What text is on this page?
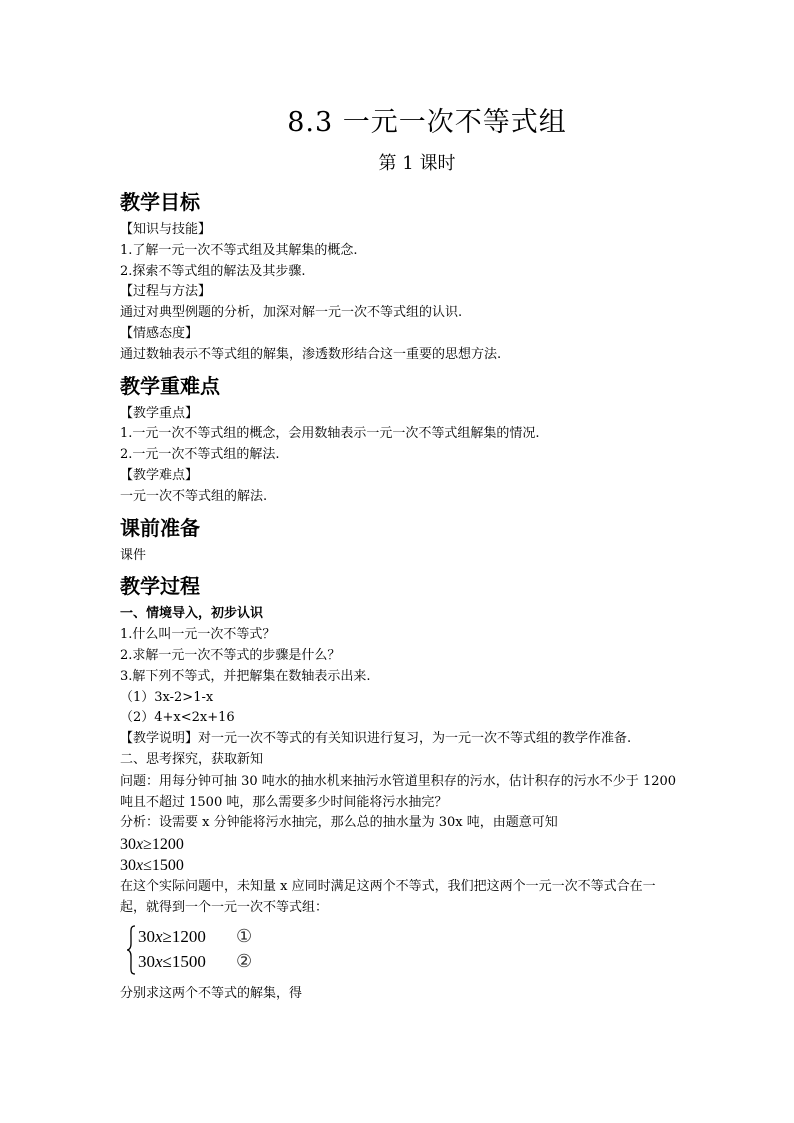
8.3 一元一次不等式组
第 1 课时

教学目标

【知识与技能】

1.了解一元一次不等式组及其解集的概念.

2.探索不等式组的解法及其步骤.

【过程与方法】

通过对典型例题的分析，加深对解一元一次不等式组的认识.

【情感态度】

通过数轴表示不等式组的解集，渗透数形结合这一重要的思想方法.

教学重难点

【教学重点】

1.一元一次不等式组的概念，会用数轴表示一元一次不等式组解集的情况.

2.一元一次不等式组的解法.

【教学难点】

一元一次不等式组的解法.

课前准备

课件

教学过程

一、情境导入，初步认识

1.什么叫一元一次不等式？

2.求解一元一次不等式的步骤是什么？

3.解下列不等式，并把解集在数轴表示出来.

（1）3x-2>1-x

（2）4+x<2x+16

【教学说明】对一元一次不等式的有关知识进行复习，为一元一次不等式组的教学作准备.

二、思考探究，获取新知

问题：用每分钟可抽 30 吨水的抽水机来抽污水管道里积存的污水，估计积存的污水不少于 1200 吨且不超过 1500 吨，那么需要多少时间能将污水抽完？

分析：设需要 x 分钟能将污水抽完，那么总的抽水量为 30x 吨，由题意可知

30x≥1200

30x≤1500

在这个实际问题中，未知量 x 应同时满足这两个不等式，我们把这两个一元一次不等式合在一起，就得到一个一元一次不等式组：

30x≥1200 ①
30x≤1500 ②

分别求这两个不等式的解集，得
